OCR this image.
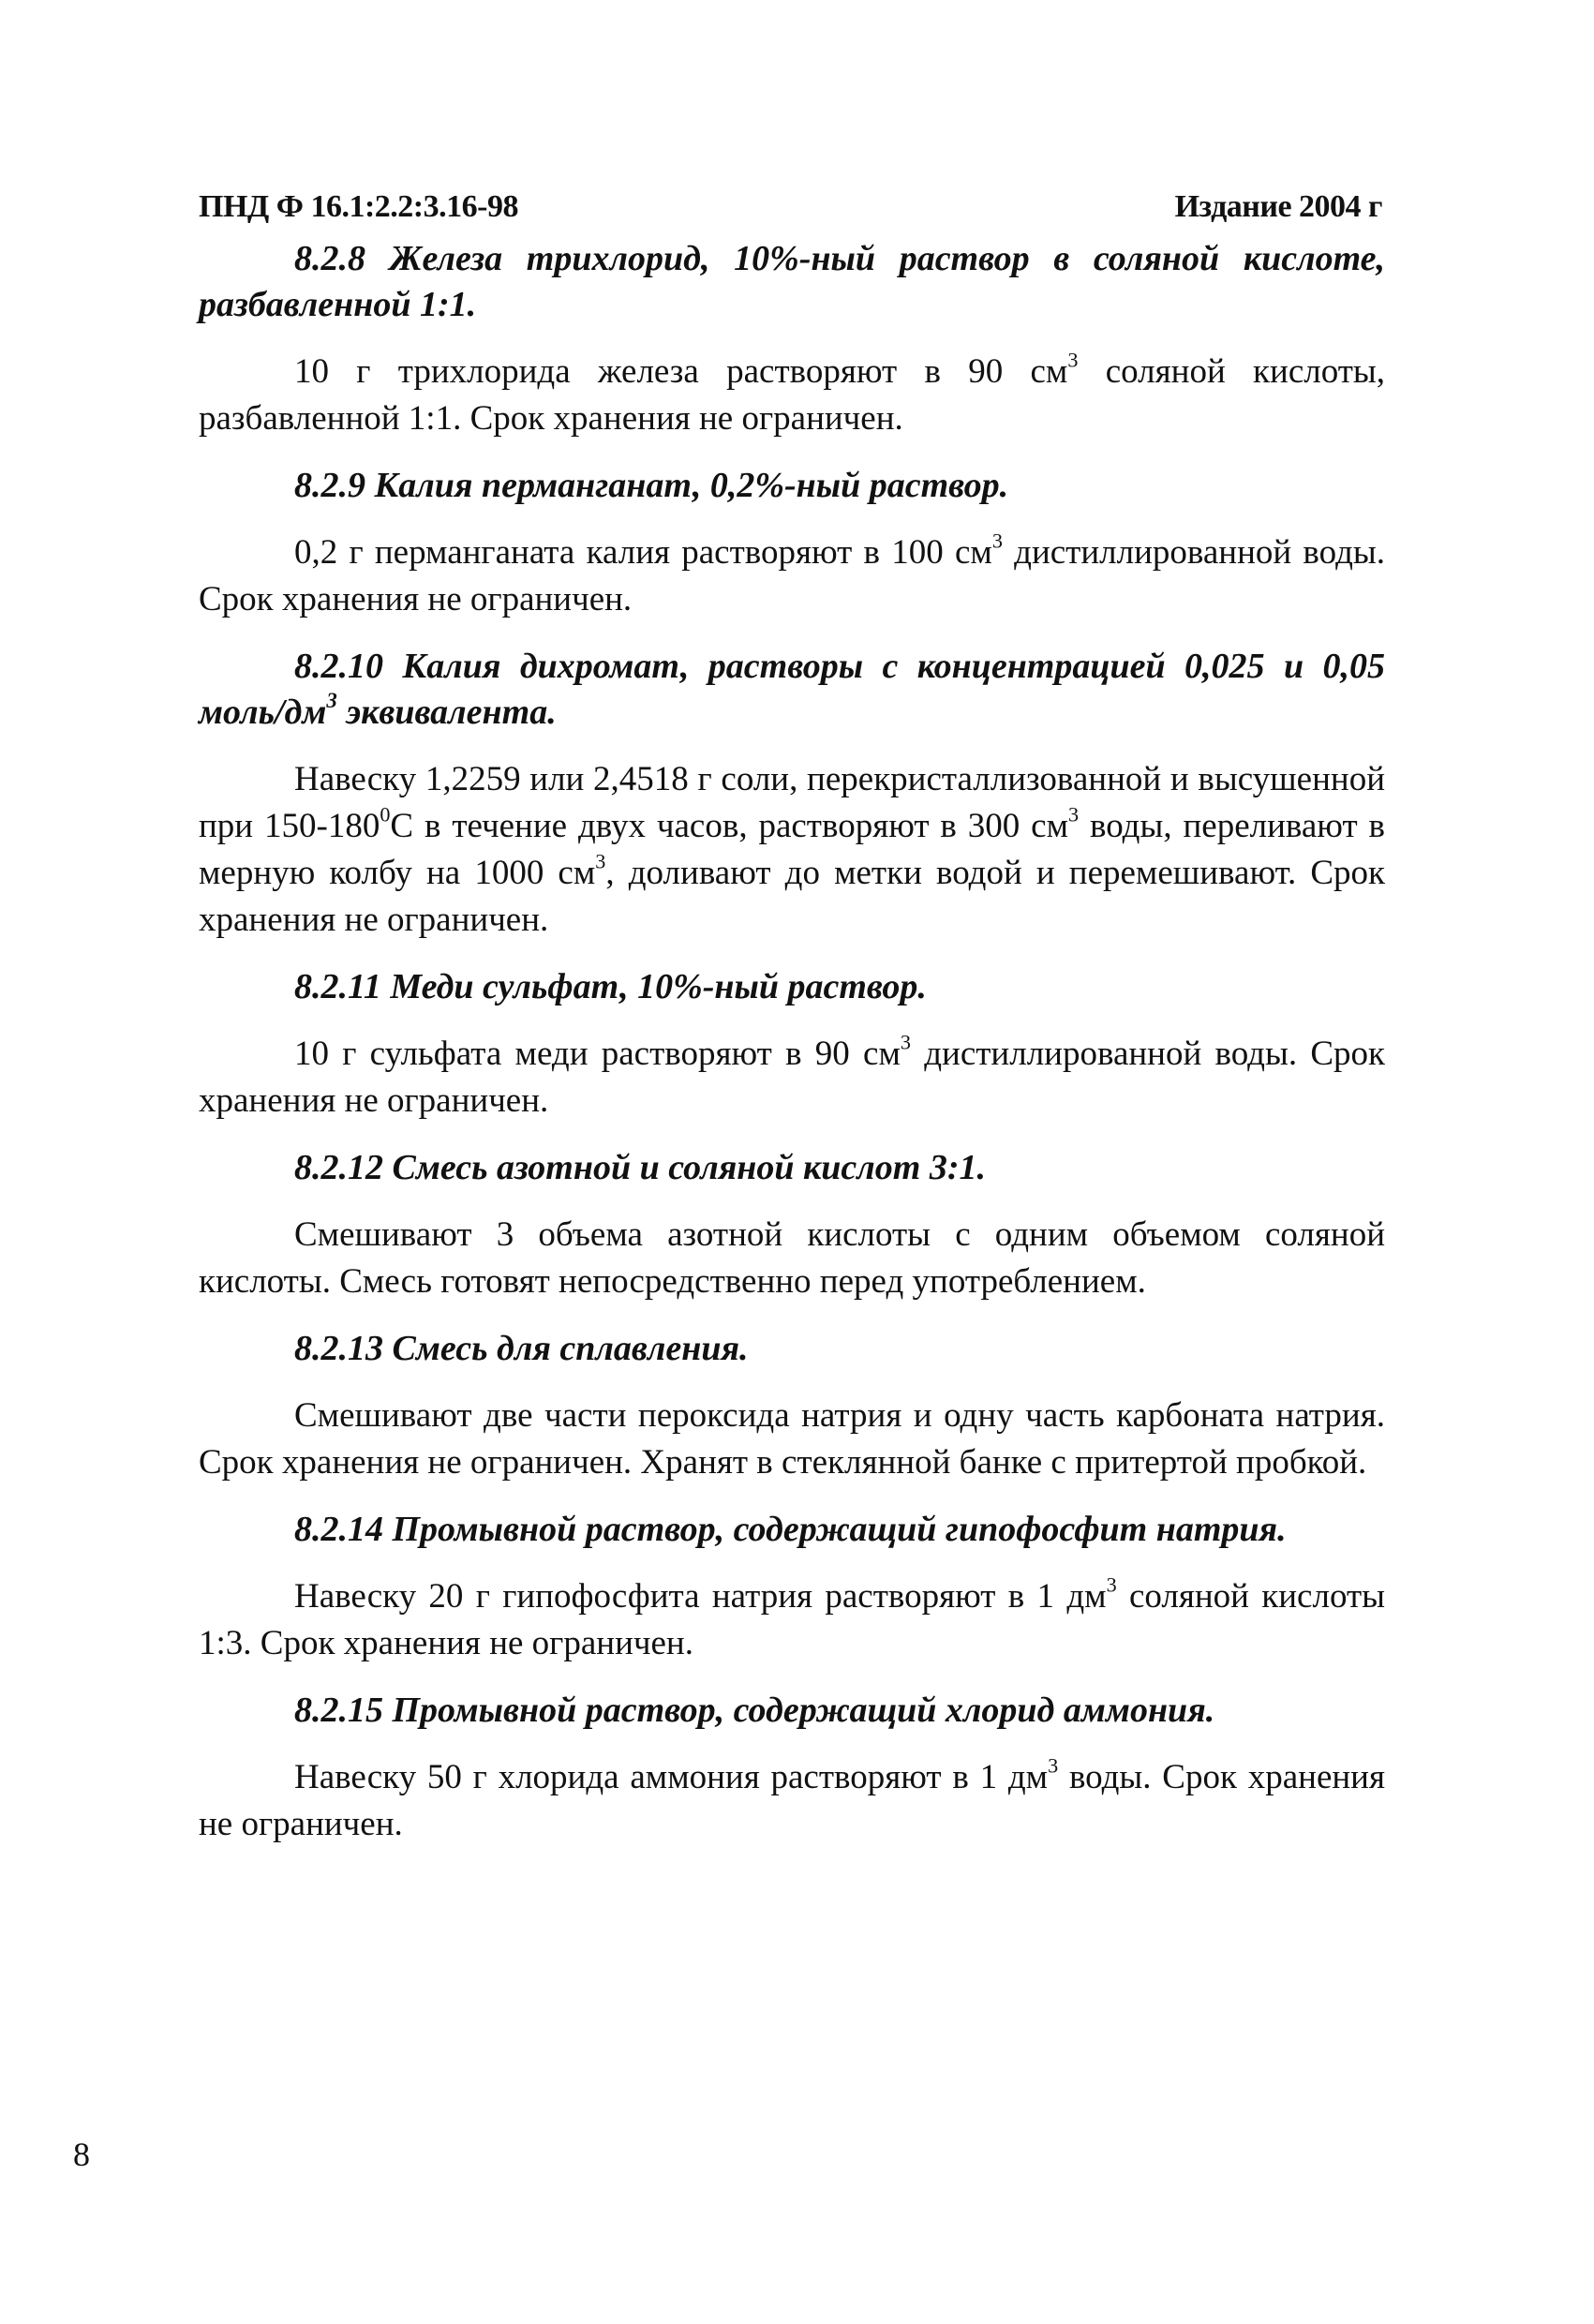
ПНД Ф 16.1:2.2:3.16-98	Издание 2004 г

8.2.8 Железа трихлорид, 10%-ный раствор в соляной кислоте, разбавленной 1:1.

10 г трихлорида железа растворяют в 90 $см^3$ соляной кислоты, разбавленной 1:1. Срок хранения не ограничен.

8.2.9 Калия перманганат, 0,2%-ный раствор.

0,2 г перманганата калия растворяют в 100 $см^3$ дистиллированной воды. Срок хранения не ограничен.

8.2.10 Калия дихромат, растворы с концентрацией 0,025 и 0,05 моль/$дм^3$ эквивалента.

Навеску 1,2259 или 2,4518 г соли, перекристаллизованной и высушенной при $150-180^0С$ в течение двух часов, растворяют в 300 $см^3$ воды, переливают в мерную колбу на 1000 $см^3$, доливают до метки водой и перемешивают. Срок хранения не ограничен.

8.2.11 Меди сульфат, 10%-ный раствор.

10 г сульфата меди растворяют в 90 $см^3$ дистиллированной воды. Срок хранения не ограничен.

8.2.12 Смесь азотной и соляной кислот 3:1.

Смешивают 3 объема азотной кислоты с одним объемом соляной кислоты. Смесь готовят непосредственно перед употреблением.

8.2.13 Смесь для сплавления.

Смешивают две части пероксида натрия и одну часть карбоната натрия. Срок хранения не ограничен. Хранят в стеклянной банке с притертой пробкой.

8.2.14 Промывной раствор, содержащий гипофосфит натрия.

Навеску 20 г гипофосфита натрия растворяют в 1 $дм^3$ соляной кислоты 1:3. Срок хранения не ограничен.

8.2.15 Промывной раствор, содержащий хлорид аммония.

Навеску 50 г хлорида аммония растворяют в 1 $дм^3$ воды. Срок хранения не ограничен.

8
